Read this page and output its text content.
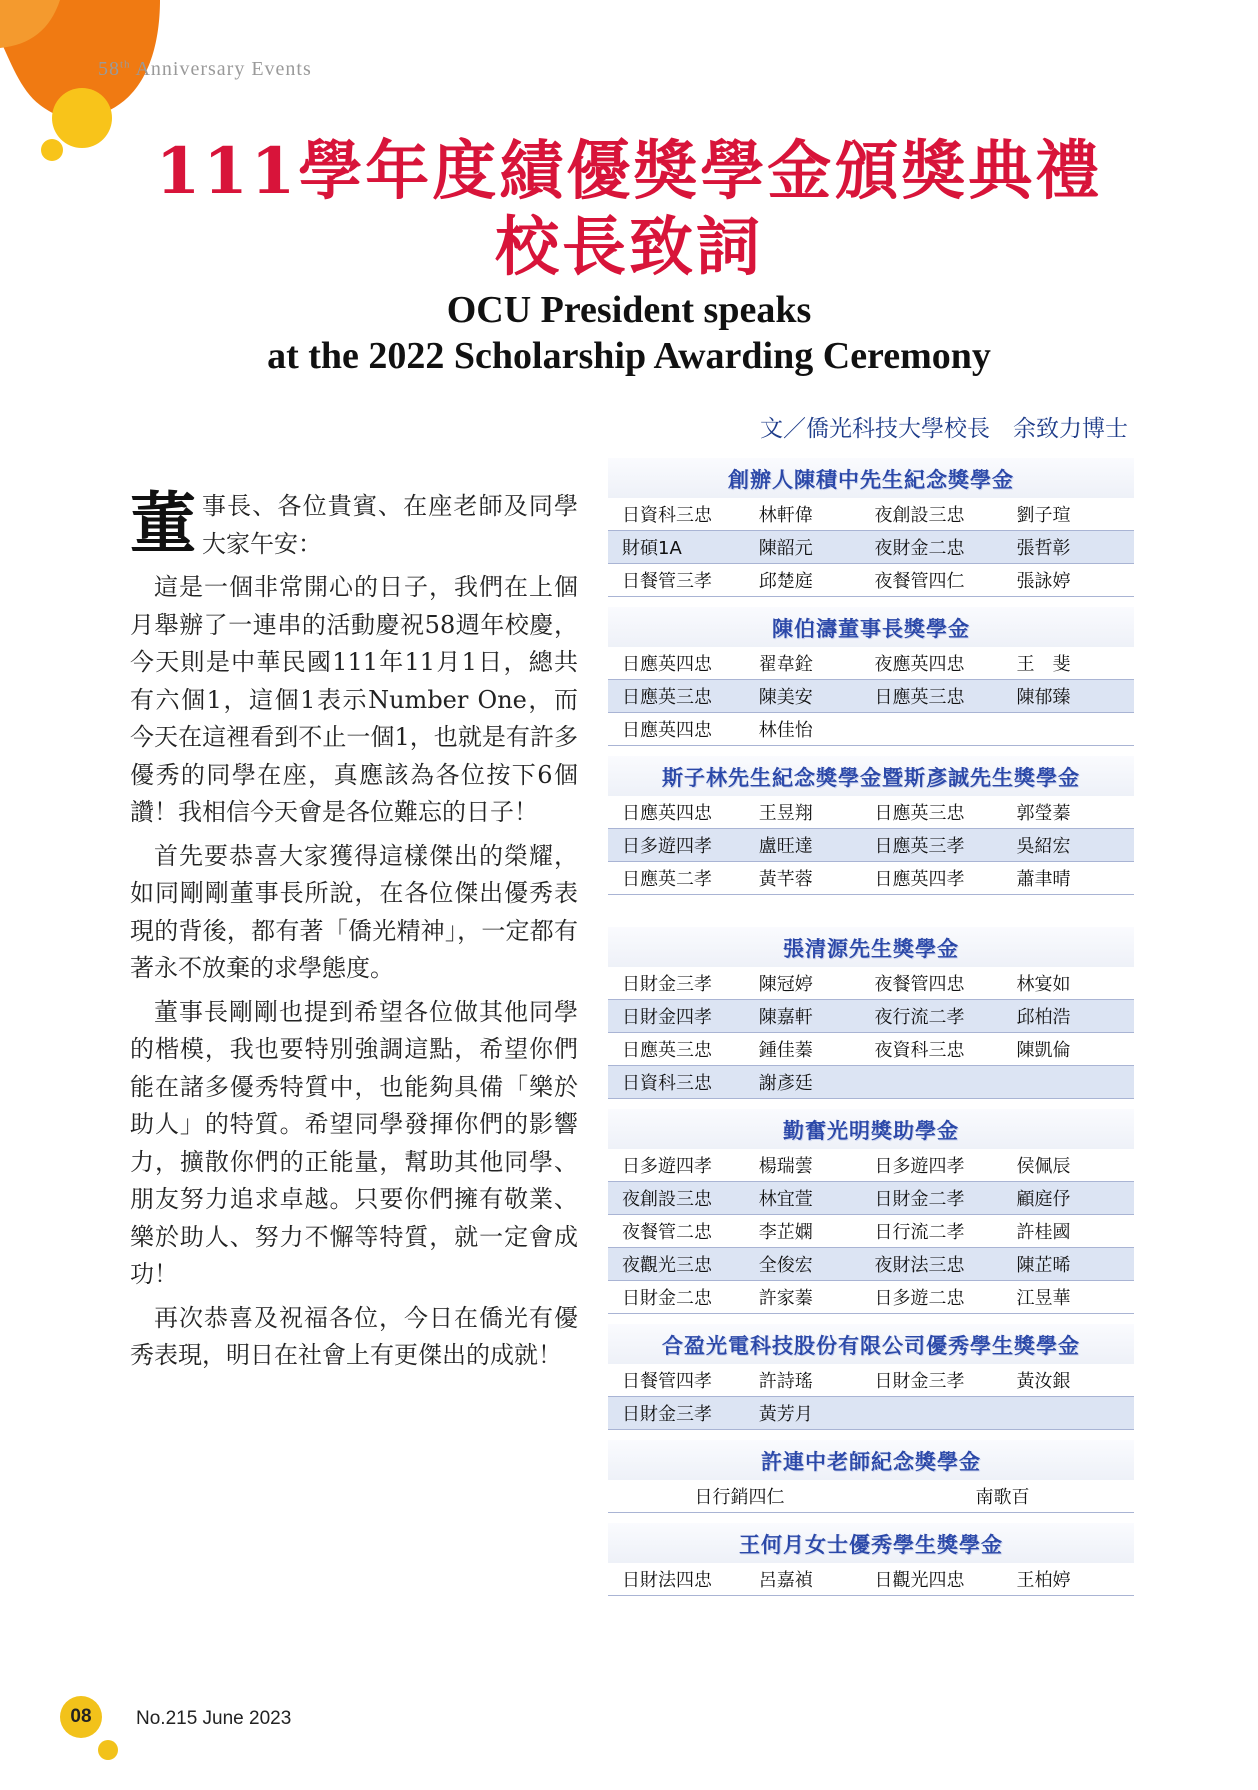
58th Anniversary Events
111學年度績優獎學金頒獎典禮
校長致詞
OCU President speaks
at the 2022 Scholarship Awarding Ceremony
文／僑光科技大學校長　余致力博士

董事長、各位貴賓、在座老師及同學大家午安：

這是一個非常開心的日子，我們在上個月舉辦了一連串的活動慶祝58週年校慶，今天則是中華民國111年11月1日，總共有六個1，這個1表示Number One，而今天在這裡看到不止一個1，也就是有許多優秀的同學在座，真應該為各位按下6個讚！我相信今天會是各位難忘的日子！

首先要恭喜大家獲得這樣傑出的榮耀，如同剛剛董事長所說，在各位傑出優秀表現的背後，都有著「僑光精神」，一定都有著永不放棄的求學態度。

董事長剛剛也提到希望各位做其他同學的楷模，我也要特別強調這點，希望你們能在諸多優秀特質中，也能夠具備「樂於助人」的特質。希望同學發揮你們的影響力，擴散你們的正能量，幫助其他同學、朋友努力追求卓越。只要你們擁有敬業、樂於助人、努力不懈等特質，就一定會成功！

再次恭喜及祝福各位，今日在僑光有優秀表現，明日在社會上有更傑出的成就！

創辦人陳積中先生紀念獎學金
日資科三忠	林軒偉	夜創設三忠	劉子瑄
財碩1A	陳韶元	夜財金二忠	張哲彰
日餐管三孝	邱楚庭	夜餐管四仁	張詠婷
陳伯濤董事長獎學金
日應英四忠	翟韋銓	夜應英四忠	王　斐
日應英三忠	陳美安	日應英三忠	陳郁臻
日應英四忠	林佳怡		
斯子林先生紀念獎學金暨斯彥誠先生獎學金
日應英四忠	王昱翔	日應英三忠	郭瑩蓁
日多遊四孝	盧旺達	日應英三孝	吳紹宏
日應英二孝	黃芊蓉	日應英四孝	蕭聿晴
張清源先生獎學金
日財金三孝	陳冠婷	夜餐管四忠	林宴如
日財金四孝	陳嘉軒	夜行流二孝	邱柏浩
日應英三忠	鍾佳蓁	夜資科三忠	陳凱倫
日資科三忠	謝彥廷		
勤奮光明獎助學金
日多遊四孝	楊瑞蕓	日多遊四孝	侯佩辰
夜創設三忠	林宜萱	日財金二孝	顧庭伃
夜餐管二忠	李芷嫻	日行流二孝	許桂國
夜觀光三忠	全俊宏	夜財法三忠	陳芷晞
日財金二忠	許家蓁	日多遊二忠	江昱華
合盈光電科技股份有限公司優秀學生獎學金
日餐管四孝	許詩瑤	日財金三孝	黃汝銀
日財金三孝	黃芳月		
許連中老師紀念獎學金
日行銷四仁	南歌百
王何月女士優秀學生獎學金
日財法四忠	呂嘉禎	日觀光四忠	王柏婷
08	No.215 June 2023
